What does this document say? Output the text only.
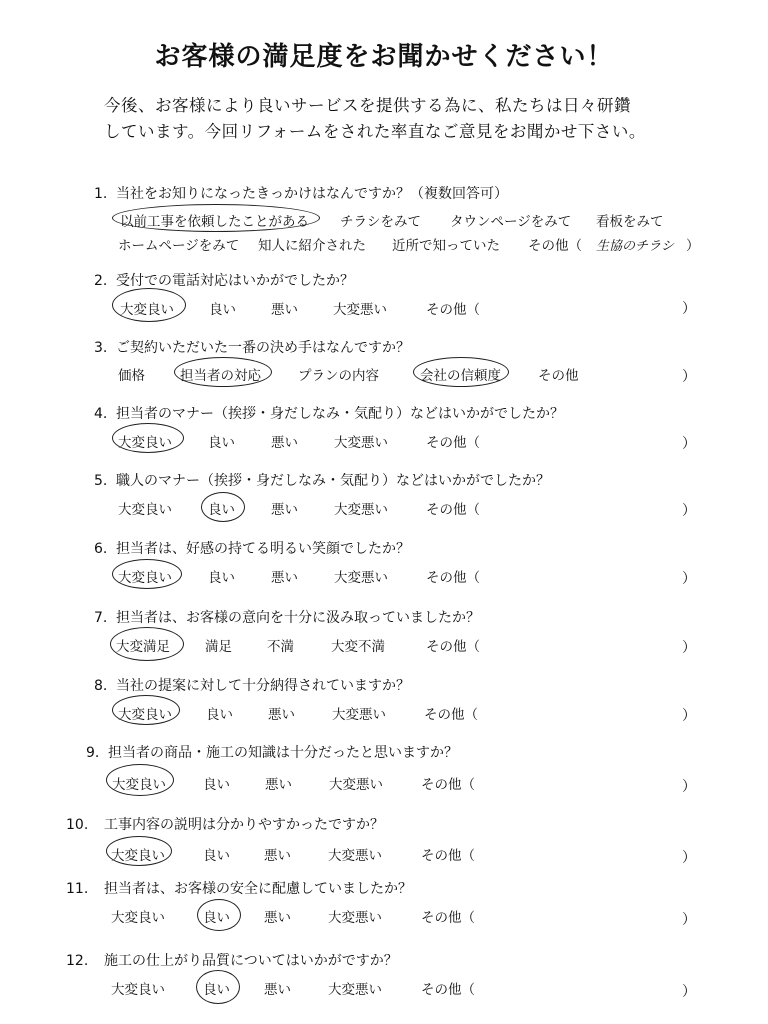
お客様の満足度をお聞かせください！
今後、お客様により良いサービスを提供する為に、私たちは日々研鑽
しています。今回リフォームをされた率直なご意見をお聞かせ下さい。
1. 当社をお知りになったきっかけはなんですか？（複数回答可）
以前工事を依頼したことがある チラシをみて タウンページをみて 看板をみて
ホームページをみて 知人に紹介された 近所で知っていた その他（ 生協のチラシ ）
2. 受付での電話対応はいかがでしたか？
大変良い	良い	悪い	大変悪い	その他（	）
3. ご契約いただいた一番の決め手はなんですか？
価格	担当者の対応	プランの内容	会社の信頼度	その他	）
4. 担当者のマナー（挨拶・身だしなみ・気配り）などはいかがでしたか？
大変良い	良い	悪い	大変悪い	その他（	）
5. 職人のマナー（挨拶・身だしなみ・気配り）などはいかがでしたか？
大変良い	良い	悪い	大変悪い	その他（	）
6. 担当者は、好感の持てる明るい笑顔でしたか？
大変良い	良い	悪い	大変悪い	その他（	）
7. 担当者は、お客様の意向を十分に汲み取っていましたか？
大変満足	満足	不満	大変不満	その他（	）
8. 当社の提案に対して十分納得されていますか？
大変良い	良い	悪い	大変悪い	その他（	）
9. 担当者の商品・施工の知識は十分だったと思いますか？
大変良い	良い	悪い	大変悪い	その他（	）
10. 工事内容の説明は分かりやすかったですか？
大変良い	良い	悪い	大変悪い	その他（	）
11. 担当者は、お客様の安全に配慮していましたか？
大変良い	良い	悪い	大変悪い	その他（	）
12. 施工の仕上がり品質についてはいかがですか？
大変良い	良い	悪い	大変悪い	その他（	）
